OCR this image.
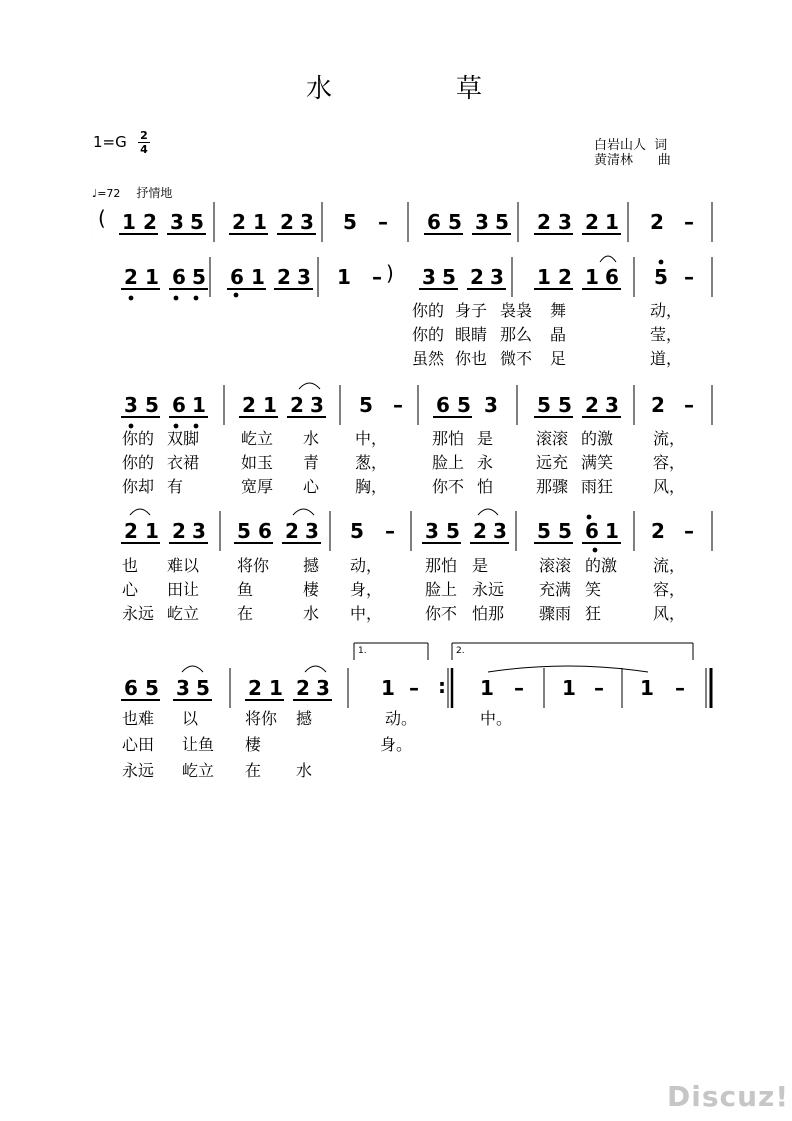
水	草
1=G 2
4	白岩山人  词
黄清林      曲
♩=72 抒情地
1 2 3 5 2 1 2 3 5 – 6 5 3 5 2 3 2 1 2 –
2 1 6 5 6 1 2 3 1 – 3 5 2 3 1 2 1 6 5 –
你的 身子 袅袅 舞	动，
你的 眼睛 那么 晶	莹，
虽然 你也 微不 足	道，
3 5 6 1 2 1 2 3 5 – 6 5 3 5 5 2 3 2 –
你的 双脚	屹立 水 中，	那怕 是	滚滚 的激 流，
你的 衣裙	如玉 青 葱，	脸上 永	远充 满笑 容，
你却 有	宽厚 心 胸，	你不 怕	那骤 雨狂 风，
2 1 2 3 5 6 2 3 5 – 3 5 2 3 5 5 6 1 2 –
也 难以 将你 撼 动，	那怕 是	滚滚 的激 流，
心 田让 鱼	棲 身，	脸上 永远 充满 笑	容，
永远 屹立 在	水 中，	你不 怕那 骤雨 狂	风，
6 5 3 5 2 1 2 3	1 –	1 – 1 – 1 –
也难 以	将你 撼	动。	中。
心田 让鱼 棲	身。
永远 屹立 在 水
(
)
:
1.	2.
Discuz!
